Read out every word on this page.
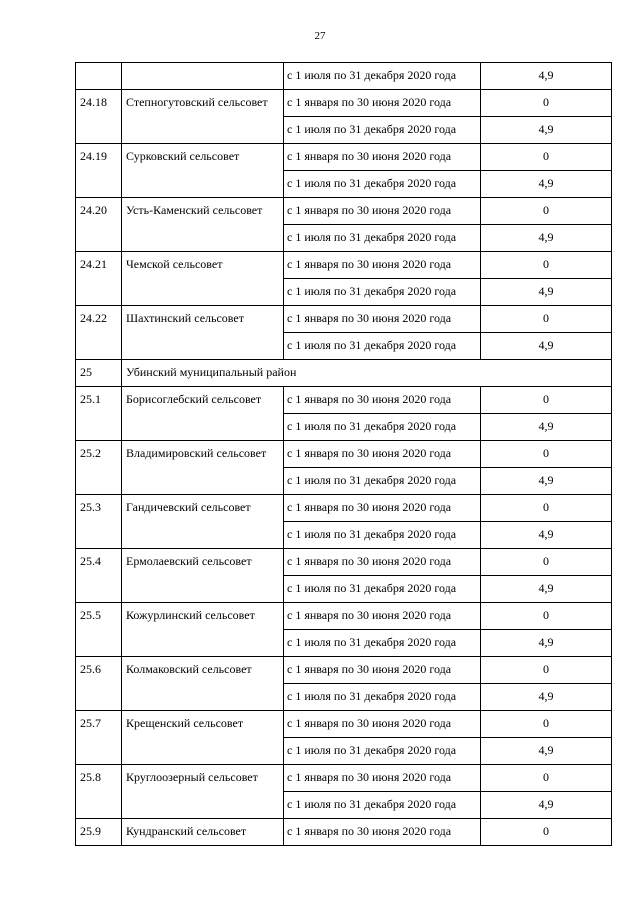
27
		с 1 июля по 31 декабря 2020 года	4,9
24.18	Степногутовский сельсовет	с 1 января по 30 июня 2020 года	0
		с 1 июля по 31 декабря 2020 года	4,9
24.19	Сурковский сельсовет	с 1 января по 30 июня 2020 года	0
		с 1 июля по 31 декабря 2020 года	4,9
24.20	Усть-Каменский сельсовет	с 1 января по 30 июня 2020 года	0
		с 1 июля по 31 декабря 2020 года	4,9
24.21	Чемской сельсовет	с 1 января по 30 июня 2020 года	0
		с 1 июля по 31 декабря 2020 года	4,9
24.22	Шахтинский сельсовет	с 1 января по 30 июня 2020 года	0
		с 1 июля по 31 декабря 2020 года	4,9
25	Убинский муниципальный район		
25.1	Борисоглебский сельсовет	с 1 января по 30 июня 2020 года	0
		с 1 июля по 31 декабря 2020 года	4,9
25.2	Владимировский сельсовет	с 1 января по 30 июня 2020 года	0
		с 1 июля по 31 декабря 2020 года	4,9
25.3	Гандичевский сельсовет	с 1 января по 30 июня 2020 года	0
		с 1 июля по 31 декабря 2020 года	4,9
25.4	Ермолаевский сельсовет	с 1 января по 30 июня 2020 года	0
		с 1 июля по 31 декабря 2020 года	4,9
25.5	Кожурлинский сельсовет	с 1 января по 30 июня 2020 года	0
		с 1 июля по 31 декабря 2020 года	4,9
25.6	Колмаковский сельсовет	с 1 января по 30 июня 2020 года	0
		с 1 июля по 31 декабря 2020 года	4,9
25.7	Крещенский сельсовет	с 1 января по 30 июня 2020 года	0
		с 1 июля по 31 декабря 2020 года	4,9
25.8	Круглоозерный сельсовет	с 1 января по 30 июня 2020 года	0
		с 1 июля по 31 декабря 2020 года	4,9
25.9	Кундранский сельсовет	с 1 января по 30 июня 2020 года	0
